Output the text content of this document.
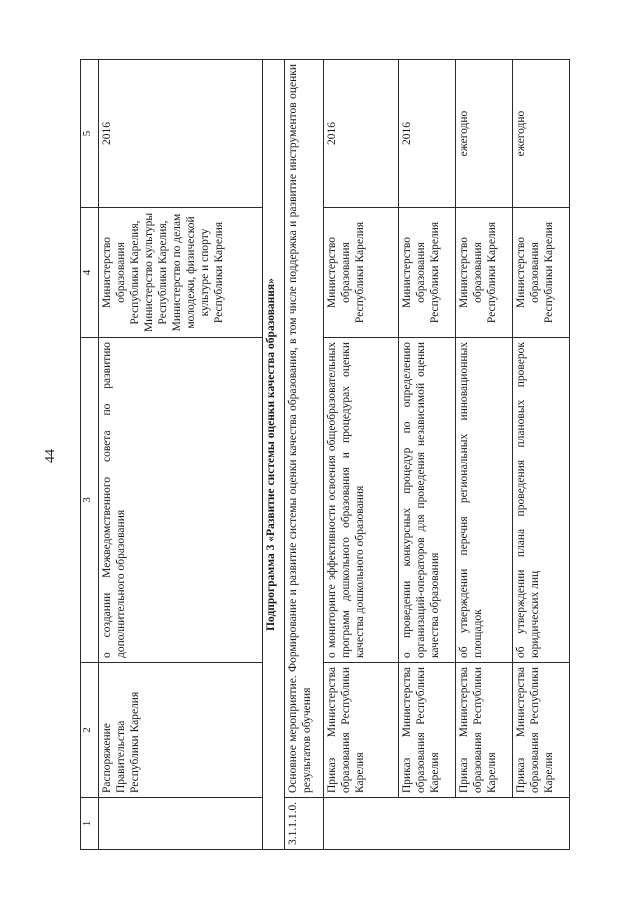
44
1	2	3	4	5
	Распоряжение Правительства Республики Карелия	о создании Межведомственного совета по развитию дополнительного образования	Министерство образования Республики Карелия, Министерство культуры Республики Карелия, Министерство по делам молодежи, физической культуре и спорту Республики Карелия	2016
Подпрограмма 3 «Развитие системы оценки качества образования»				
3.1.1.1.0.	Основное мероприятие. Формирование и развитие системы оценки качества образования, в том числе поддержка и развитие инструментов оценки результатов обучения			
	Приказ Министерства образования Республики Карелия	о мониторинге эффективности освоения общеобразовательных программ дошкольного образования и процедурах оценки качества дошкольного образования	Министерство образования Республики Карелия	2016
	Приказ Министерства образования Республики Карелия	о проведении конкурсных процедур по определению организаций-операторов для проведения независимой оценки качества образования	Министерство образования Республики Карелия	2016
	Приказ Министерства образования Республики Карелия	об утверждении перечня региональных инновационных площадок	Министерство образования Республики Карелия	ежегодно
	Приказ Министерства образования Республики Карелия	об утверждении плана проведения плановых проверок юридических лиц	Министерство образования Республики Карелия	ежегодно
